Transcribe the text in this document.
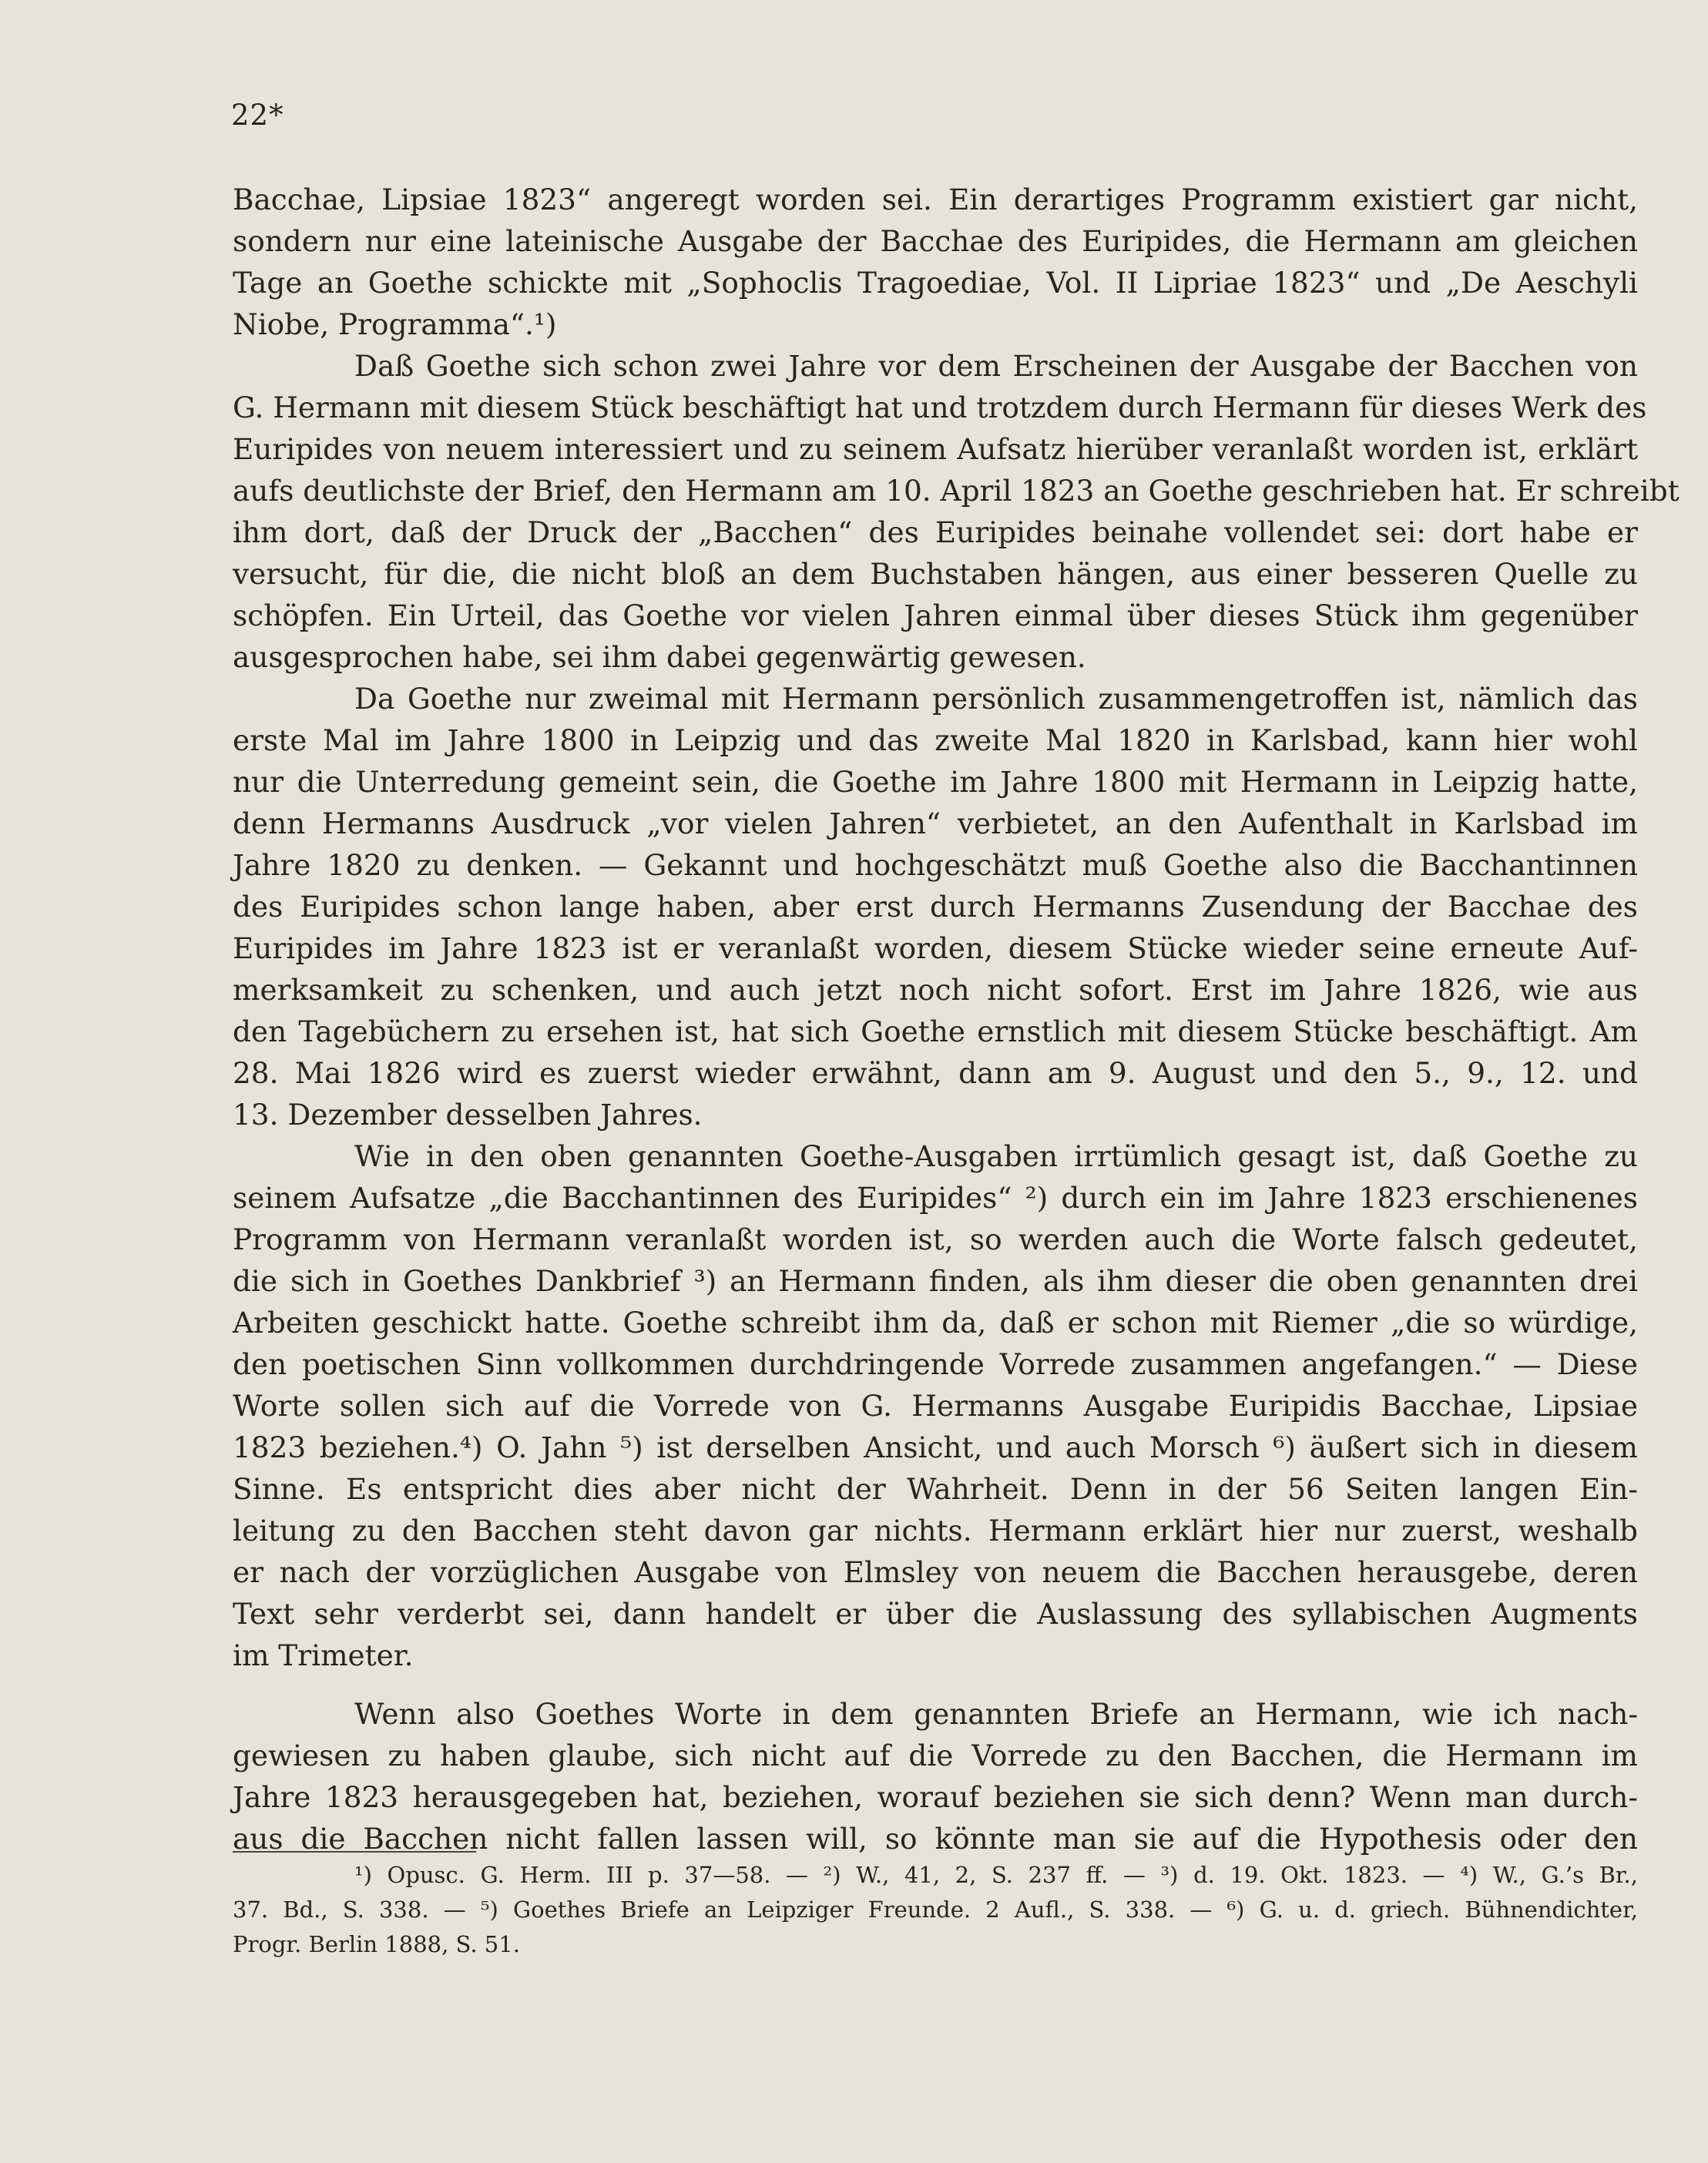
22*
Bacchae, Lipsiae 1823“ angeregt worden sei. Ein derartiges Programm existiert gar nicht,
sondern nur eine lateinische Ausgabe der Bacchae des Euripides, die Hermann am gleichen
Tage an Goethe schickte mit „Sophoclis Tragoediae, Vol. II Lipriae 1823“ und „De Aeschyli
Niobe, Programma“.¹)
Daß Goethe sich schon zwei Jahre vor dem Erscheinen der Ausgabe der Bacchen von
G. Hermann mit diesem Stück beschäftigt hat und trotzdem durch Hermann für dieses Werk des
Euripides von neuem interessiert und zu seinem Aufsatz hierüber veranlaßt worden ist, erklärt
aufs deutlichste der Brief, den Hermann am 10. April 1823 an Goethe geschrieben hat. Er schreibt
ihm dort, daß der Druck der „Bacchen“ des Euripides beinahe vollendet sei: dort habe er
versucht, für die, die nicht bloß an dem Buchstaben hängen, aus einer besseren Quelle zu
schöpfen. Ein Urteil, das Goethe vor vielen Jahren einmal über dieses Stück ihm gegenüber
ausgesprochen habe, sei ihm dabei gegenwärtig gewesen.
Da Goethe nur zweimal mit Hermann persönlich zusammengetroffen ist, nämlich das
erste Mal im Jahre 1800 in Leipzig und das zweite Mal 1820 in Karlsbad, kann hier wohl
nur die Unterredung gemeint sein, die Goethe im Jahre 1800 mit Hermann in Leipzig hatte,
denn Hermanns Ausdruck „vor vielen Jahren“ verbietet, an den Aufenthalt in Karlsbad im
Jahre 1820 zu denken. — Gekannt und hochgeschätzt muß Goethe also die Bacchantinnen
des Euripides schon lange haben, aber erst durch Hermanns Zusendung der Bacchae des
Euripides im Jahre 1823 ist er veranlaßt worden, diesem Stücke wieder seine erneute Auf-
merksamkeit zu schenken, und auch jetzt noch nicht sofort. Erst im Jahre 1826, wie aus
den Tagebüchern zu ersehen ist, hat sich Goethe ernstlich mit diesem Stücke beschäftigt. Am
28. Mai 1826 wird es zuerst wieder erwähnt, dann am 9. August und den 5., 9., 12. und
13. Dezember desselben Jahres.
Wie in den oben genannten Goethe-Ausgaben irrtümlich gesagt ist, daß Goethe zu
seinem Aufsatze „die Bacchantinnen des Euripides“ ²) durch ein im Jahre 1823 erschienenes
Programm von Hermann veranlaßt worden ist, so werden auch die Worte falsch gedeutet,
die sich in Goethes Dankbrief ³) an Hermann finden, als ihm dieser die oben genannten drei
Arbeiten geschickt hatte. Goethe schreibt ihm da, daß er schon mit Riemer „die so würdige,
den poetischen Sinn vollkommen durchdringende Vorrede zusammen angefangen.“ — Diese
Worte sollen sich auf die Vorrede von G. Hermanns Ausgabe Euripidis Bacchae, Lipsiae
1823 beziehen.⁴) O. Jahn ⁵) ist derselben Ansicht, und auch Morsch ⁶) äußert sich in diesem
Sinne. Es entspricht dies aber nicht der Wahrheit. Denn in der 56 Seiten langen Ein-
leitung zu den Bacchen steht davon gar nichts. Hermann erklärt hier nur zuerst, weshalb
er nach der vorzüglichen Ausgabe von Elmsley von neuem die Bacchen herausgebe, deren
Text sehr verderbt sei, dann handelt er über die Auslassung des syllabischen Augments
im Trimeter.
Wenn also Goethes Worte in dem genannten Briefe an Hermann, wie ich nach-
gewiesen zu haben glaube, sich nicht auf die Vorrede zu den Bacchen, die Hermann im
Jahre 1823 herausgegeben hat, beziehen, worauf beziehen sie sich denn? Wenn man durch-
aus die Bacchen nicht fallen lassen will, so könnte man sie auf die Hypothesis oder den
¹) Opusc. G. Herm. III p. 37—58. — ²) W., 41, 2, S. 237 ff. — ³) d. 19. Okt. 1823. — ⁴) W., G.’s Br.,
37. Bd., S. 338. — ⁵) Goethes Briefe an Leipziger Freunde. 2 Aufl., S. 338. — ⁶) G. u. d. griech. Bühnendichter,
Progr. Berlin 1888, S. 51.
